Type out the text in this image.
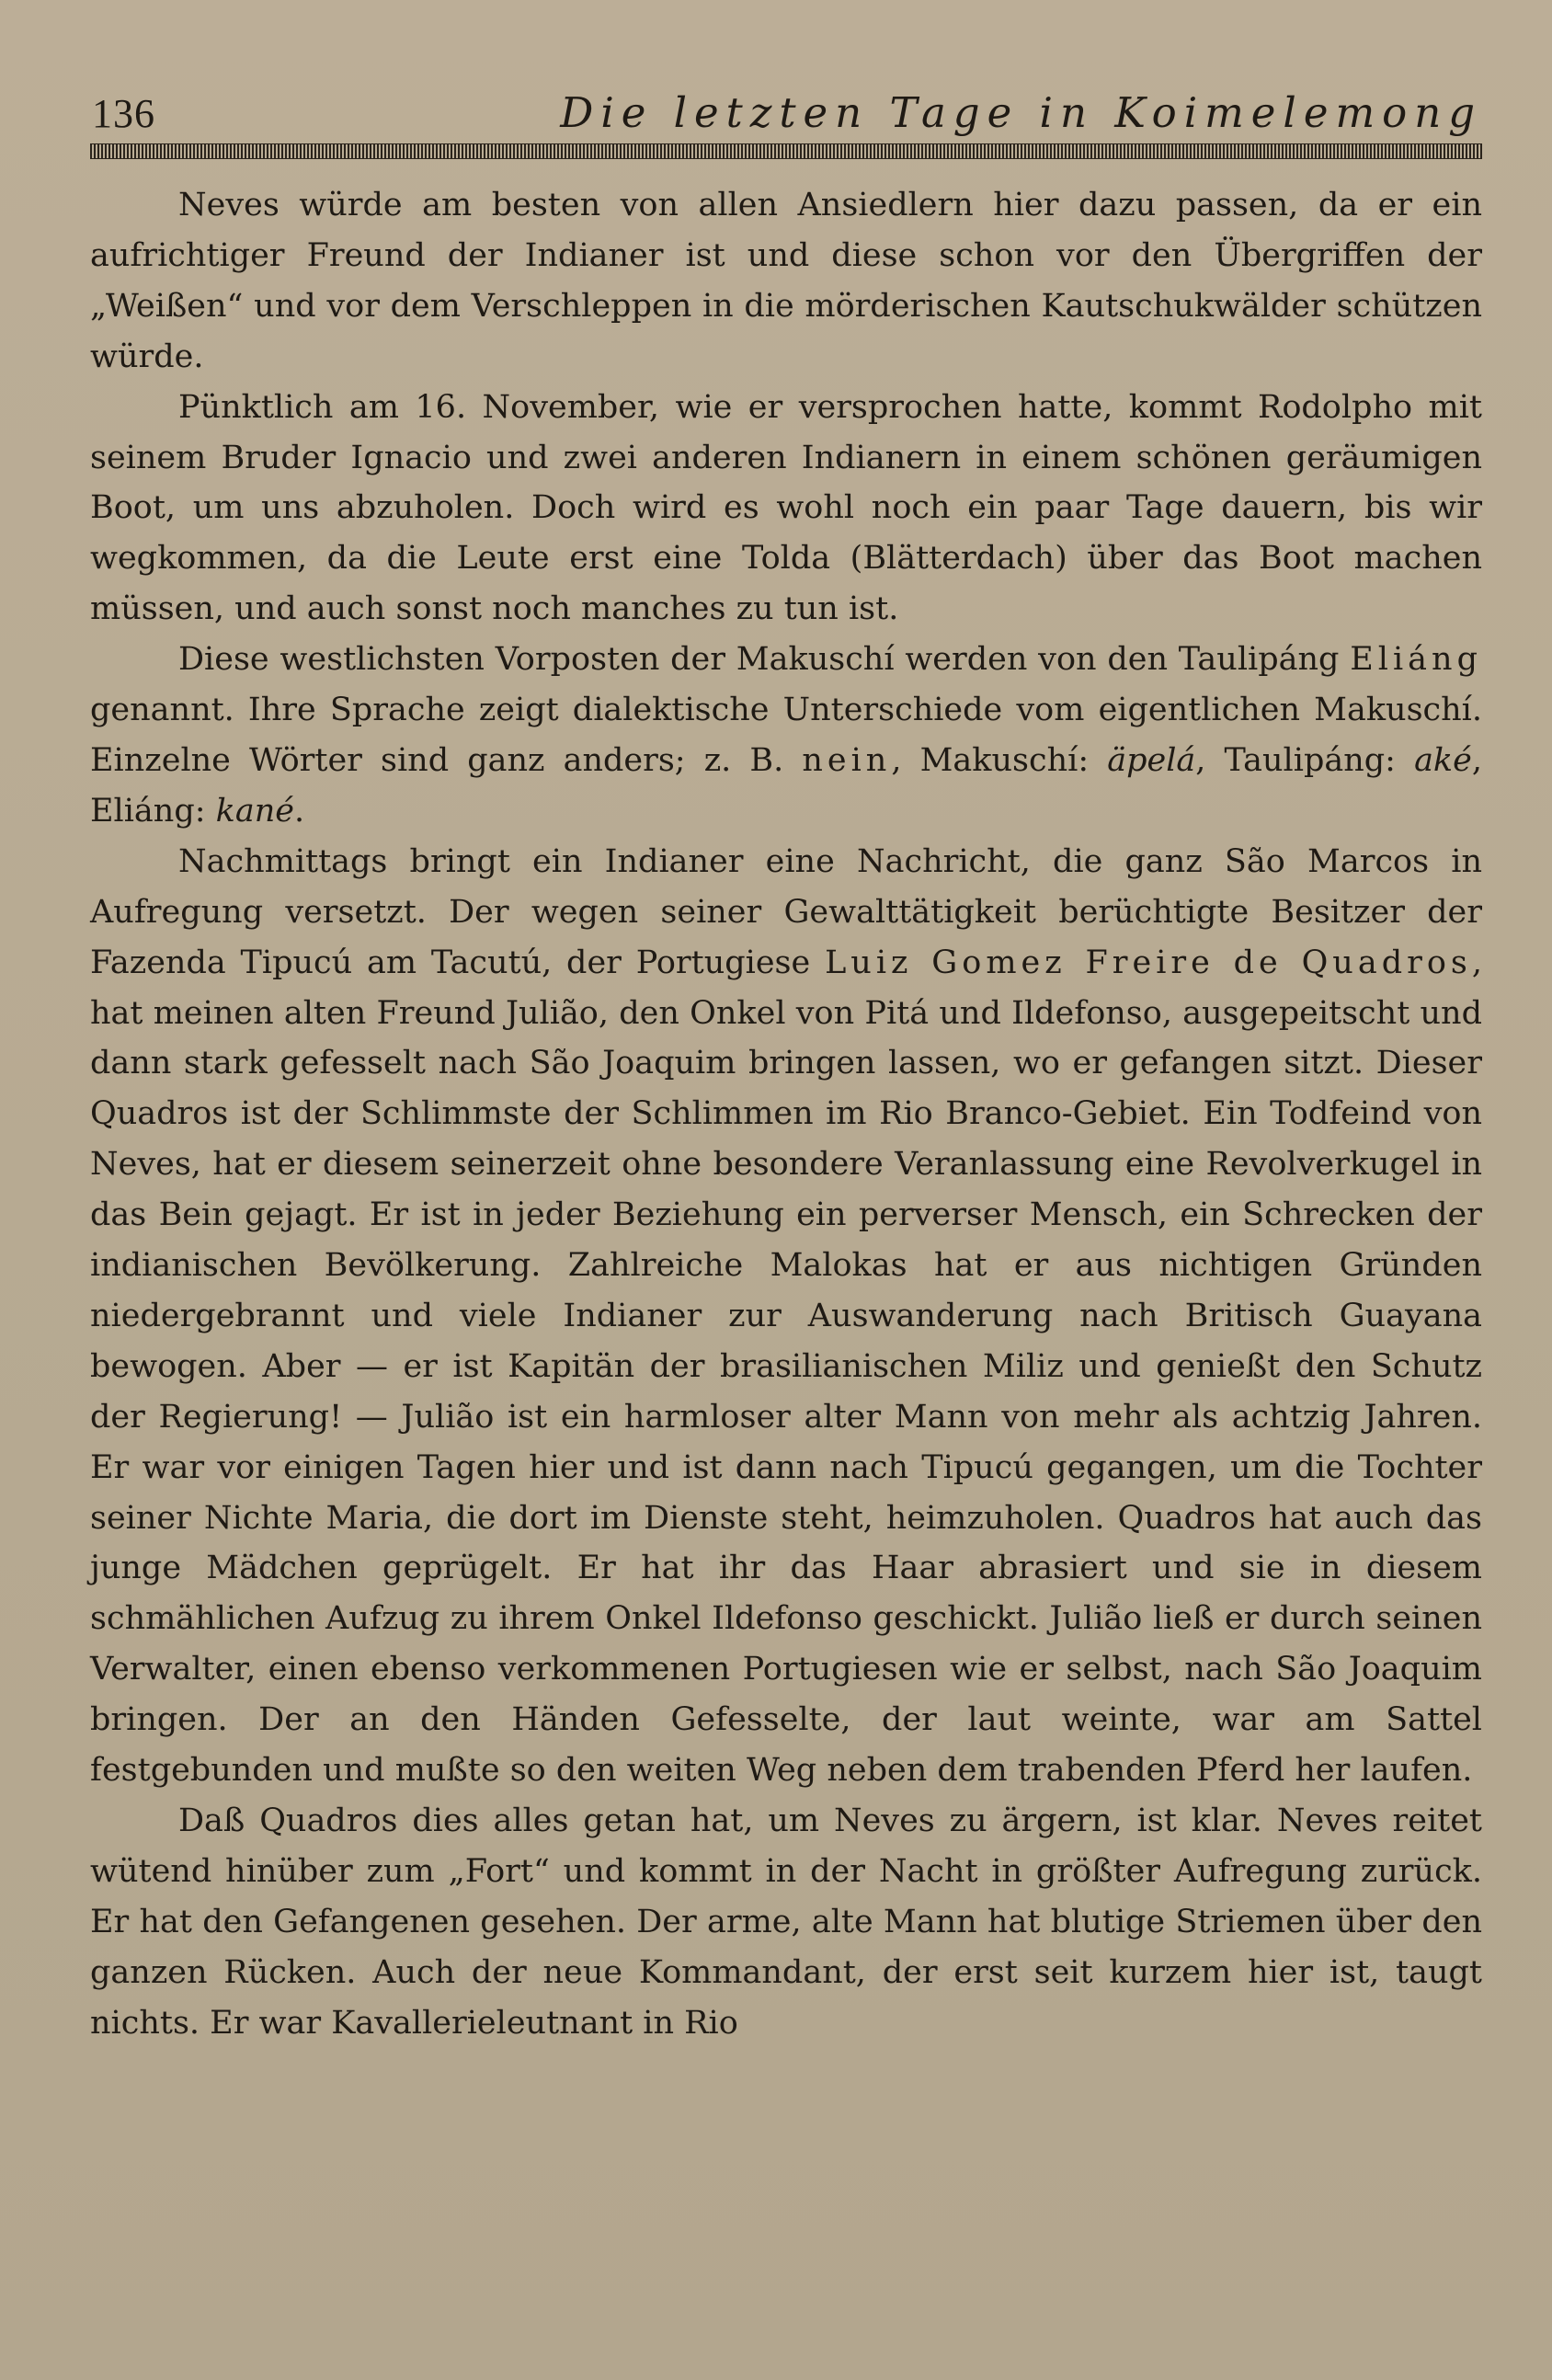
136	Die letzten Tage in Koimelemong

Neves würde am besten von allen Ansiedlern hier dazu passen, da er ein aufrichtiger Freund der Indianer ist und diese schon vor den Übergriffen der „Weißen“ und vor dem Verschleppen in die mörderischen Kautschukwälder schützen würde.

Pünktlich am 16. November, wie er versprochen hatte, kommt Rodolpho mit seinem Bruder Ignacio und zwei anderen Indianern in einem schönen geräumigen Boot, um uns abzuholen. Doch wird es wohl noch ein paar Tage dauern, bis wir wegkommen, da die Leute erst eine Tolda (Blätterdach) über das Boot machen müssen, und auch sonst noch manches zu tun ist.

Diese westlichsten Vorposten der Makuschí werden von den Taulipáng Eliáng genannt. Ihre Sprache zeigt dialektische Unterschiede vom eigentlichen Makuschí. Einzelne Wörter sind ganz anders; z. B. nein, Makuschí: äpelá, Taulipáng: aké, Eliáng: kané.

Nachmittags bringt ein Indianer eine Nachricht, die ganz São Marcos in Aufregung versetzt. Der wegen seiner Gewalttätigkeit berüchtigte Besitzer der Fazenda Tipucú am Tacutú, der Portugiese Luiz Gomez Freire de Quadros, hat meinen alten Freund Julião, den Onkel von Pitá und Ildefonso, ausgepeitscht und dann stark gefesselt nach São Joaquim bringen lassen, wo er gefangen sitzt. Dieser Quadros ist der Schlimmste der Schlimmen im Rio Branco-Gebiet. Ein Todfeind von Neves, hat er diesem seinerzeit ohne besondere Veranlassung eine Revolverkugel in das Bein gejagt. Er ist in jeder Beziehung ein perverser Mensch, ein Schrecken der indianischen Bevölkerung. Zahlreiche Malokas hat er aus nichtigen Gründen niedergebrannt und viele Indianer zur Auswanderung nach Britisch Guayana bewogen. Aber — er ist Kapitän der brasilianischen Miliz und genießt den Schutz der Regierung! — Julião ist ein harmloser alter Mann von mehr als achtzig Jahren. Er war vor einigen Tagen hier und ist dann nach Tipucú gegangen, um die Tochter seiner Nichte Maria, die dort im Dienste steht, heimzuholen. Quadros hat auch das junge Mädchen geprügelt. Er hat ihr das Haar abrasiert und sie in diesem schmählichen Aufzug zu ihrem Onkel Ildefonso geschickt. Julião ließ er durch seinen Verwalter, einen ebenso verkommenen Portugiesen wie er selbst, nach São Joaquim bringen. Der an den Händen Gefesselte, der laut weinte, war am Sattel festgebunden und mußte so den weiten Weg neben dem trabenden Pferd her laufen.

Daß Quadros dies alles getan hat, um Neves zu ärgern, ist klar. Neves reitet wütend hinüber zum „Fort“ und kommt in der Nacht in größter Aufregung zurück. Er hat den Gefangenen gesehen. Der arme, alte Mann hat blutige Striemen über den ganzen Rücken. Auch der neue Kommandant, der erst seit kurzem hier ist, taugt nichts. Er war Kavallerieleutnant in Rio
